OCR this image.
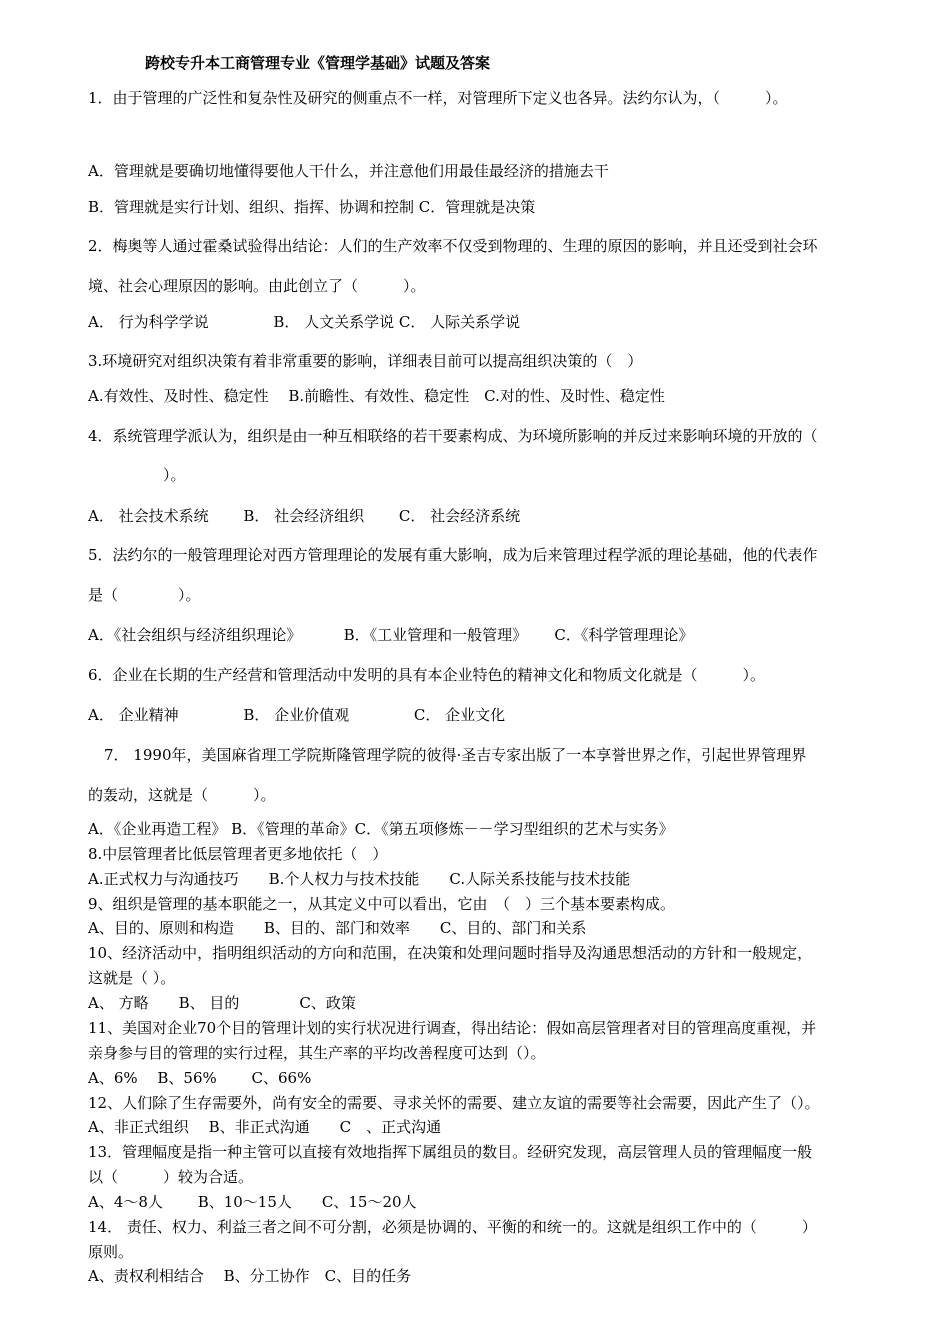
跨校专升本工商管理专业《管理学基础》试题及答案
1．由于管理的广泛性和复杂性及研究的侧重点不一样，对管理所下定义也各异。法约尔认为，（　　　）。
A．管理就是要确切地懂得要他人干什么，并注意他们用最佳最经济的措施去干
B．管理就是实行计划、组织、指挥、协调和控制 C．管理就是决策
2．梅奥等人通过霍桑试验得出结论：人们的生产效率不仅受到物理的、生理的原因的影响，并且还受到社会环
境、社会心理原因的影响。由此创立了（　　　）。
A． 行为科学学说　　　　 B． 人文关系学说 C． 人际关系学说
3.环境研究对组织决策有着非常重要的影响，详细表目前可以提高组织决策的（　）
A.有效性、及时性、稳定性　 B.前瞻性、有效性、稳定性　C.对的性、及时性、稳定性
4．系统管理学派认为，组织是由一种互相联络的若干要素构成、为环境所影响的并反过来影响环境的开放的（
　　　　　）。
A． 社会技术系统　　 B． 社会经济组织　　 C． 社会经济系统
5．法约尔的一般管理理论对西方管理理论的发展有重大影响，成为后来管理过程学派的理论基础，他的代表作
是（　　　　）。
A．《社会组织与经济组织理论》　　　 B．《工业管理和一般管理》　　 C．《科学管理理论》
6．企业在长期的生产经营和管理活动中发明的具有本企业特色的精神文化和物质文化就是（　　　）。
A． 企业精神　　　　 B． 企业价值观　　　　 C． 企业文化
7． 1990年，美国麻省理工学院斯隆管理学院的彼得·圣吉专家出版了一本享誉世界之作，引起世界管理界
的轰动，这就是（　　　）。
A．《企业再造工程》 B．《管理的革命》C．《第五项修炼－－学习型组织的艺术与实务》
8.中层管理者比低层管理者更多地依托（　）
A.正式权力与沟通技巧　　B.个人权力与技术技能　　C.人际关系技能与技术技能
9、组织是管理的基本职能之一，从其定义中可以看出，它由　（　）三个基本要素构成。
A、目的、原则和构造　　B、目的、部门和效率　　C、目的、部门和关系
10、经济活动中，指明组织活动的方向和范围，在决策和处理问题时指导及沟通思想活动的方针和一般规定，
这就是（ ）。
A、 方略　　B、 目的　　　　C、政策
11、美国对企业70个目的管理计划的实行状况进行调查，得出结论：假如高层管理者对目的管理高度重视，并
亲身参与目的管理的实行过程，其生产率的平均改善程度可达到（）。
A、6%　 B、56%　　 C、66%
12、人们除了生存需要外，尚有安全的需要、寻求关怀的需要、建立友谊的需要等社会需要，因此产生了（）。
A、非正式组织　 B、非正式沟通　　C　、正式沟通
13．管理幅度是指一种主管可以直接有效地指挥下属组员的数目。经研究发现，高层管理人员的管理幅度一般
以（　　　）较为合适。
A、4～8人　　 B、10～15人　　C、15～20人
14． 责任、权力、利益三者之间不可分割，必须是协调的、平衡的和统一的。这就是组织工作中的（　　　）
原则。
A、责权利相结合　 B、分工协作　C、目的任务
